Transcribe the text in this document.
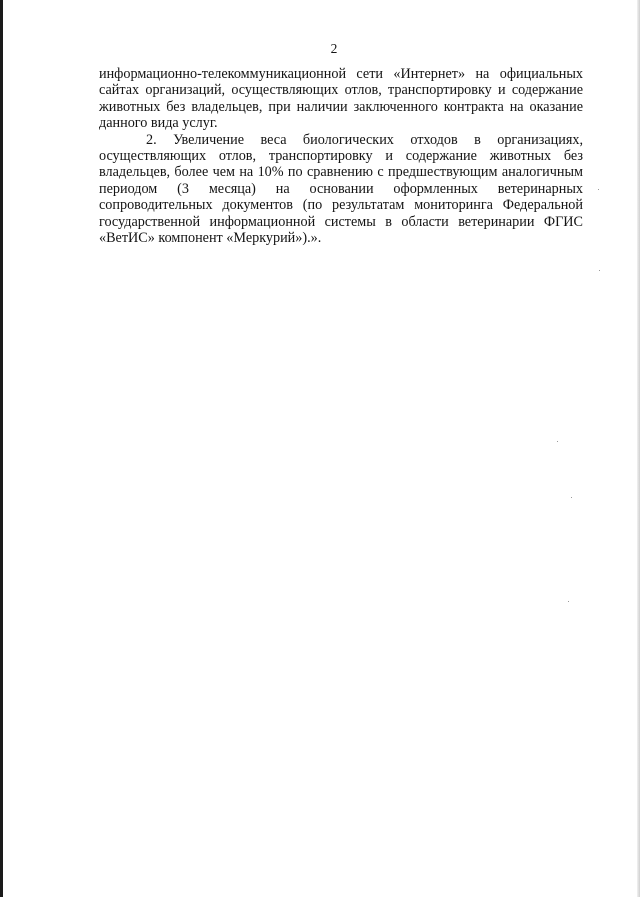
2

информационно-телекоммуникационной сети «Интернет» на официальных сайтах организаций, осуществляющих отлов, транспортировку и содержание животных без владельцев, при наличии заключенного контракта на оказание данного вида услуг.

2. Увеличение веса биологических отходов в организациях, осуществляющих отлов, транспортировку и содержание животных без владельцев, более чем на 10% по сравнению с предшествующим аналогичным периодом (3 месяца) на основании оформленных ветеринарных сопроводительных документов (по результатам мониторинга Федеральной государственной информационной системы в области ветеринарии ФГИС «ВетИС» компонент «Меркурий»).».
